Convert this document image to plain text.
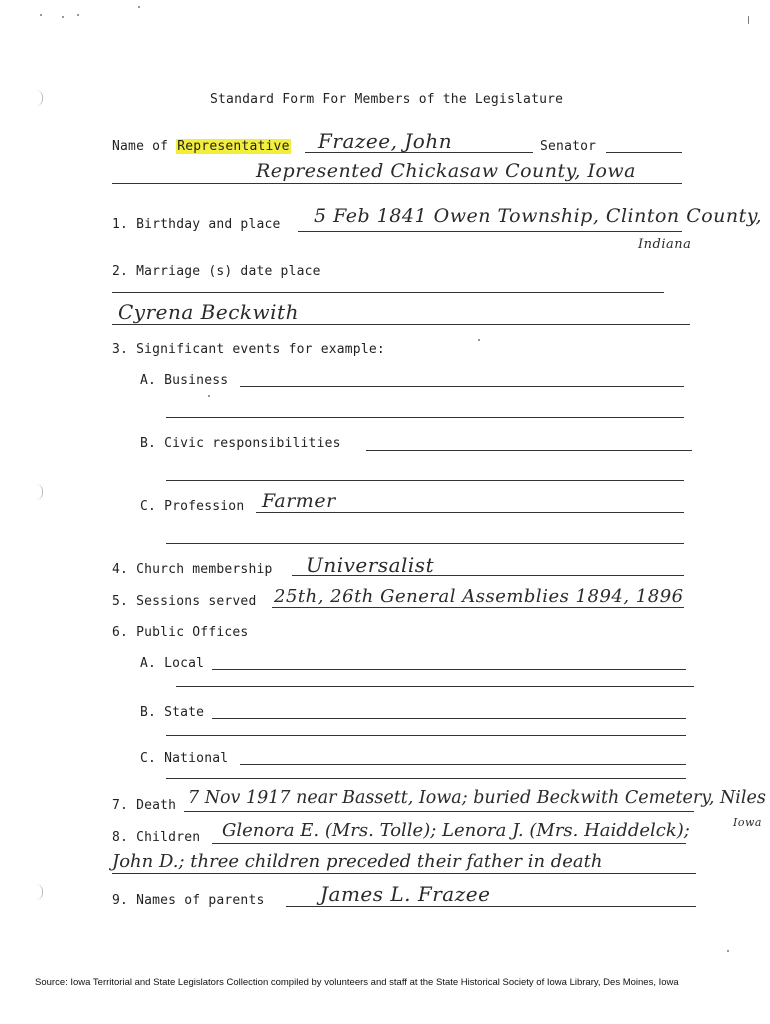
Standard Form For Members of the Legislature
Name of Representative Frazee, John	Senator
Represented Chickasaw County, Iowa
1. Birthday and place 5 Feb 1841 Owen Township, Clinton County,
Indiana
2. Marriage (s) date place
Cyrena Beckwith
3. Significant events for example:
A. Business
B. Civic responsibilities
C. Profession Farmer
4. Church membership Universalist
5. Sessions served 25th, 26th General Assemblies 1894, 1896
6. Public Offices
A. Local
B. State
C. National
7. Death 7 Nov 1917 near Bassett, Iowa; buried Beckwith Cemetery, Niles
Iowa
8. Children Glenora E. (Mrs. Tolle); Lenora J. (Mrs. Haiddelck);
John D.; three children preceded their father in death
9. Names of parents	James L. Frazee
Source: Iowa Territorial and State Legislators Collection compiled by volunteers and staff at the State Historical Society of Iowa Library, Des Moines, Iowa
